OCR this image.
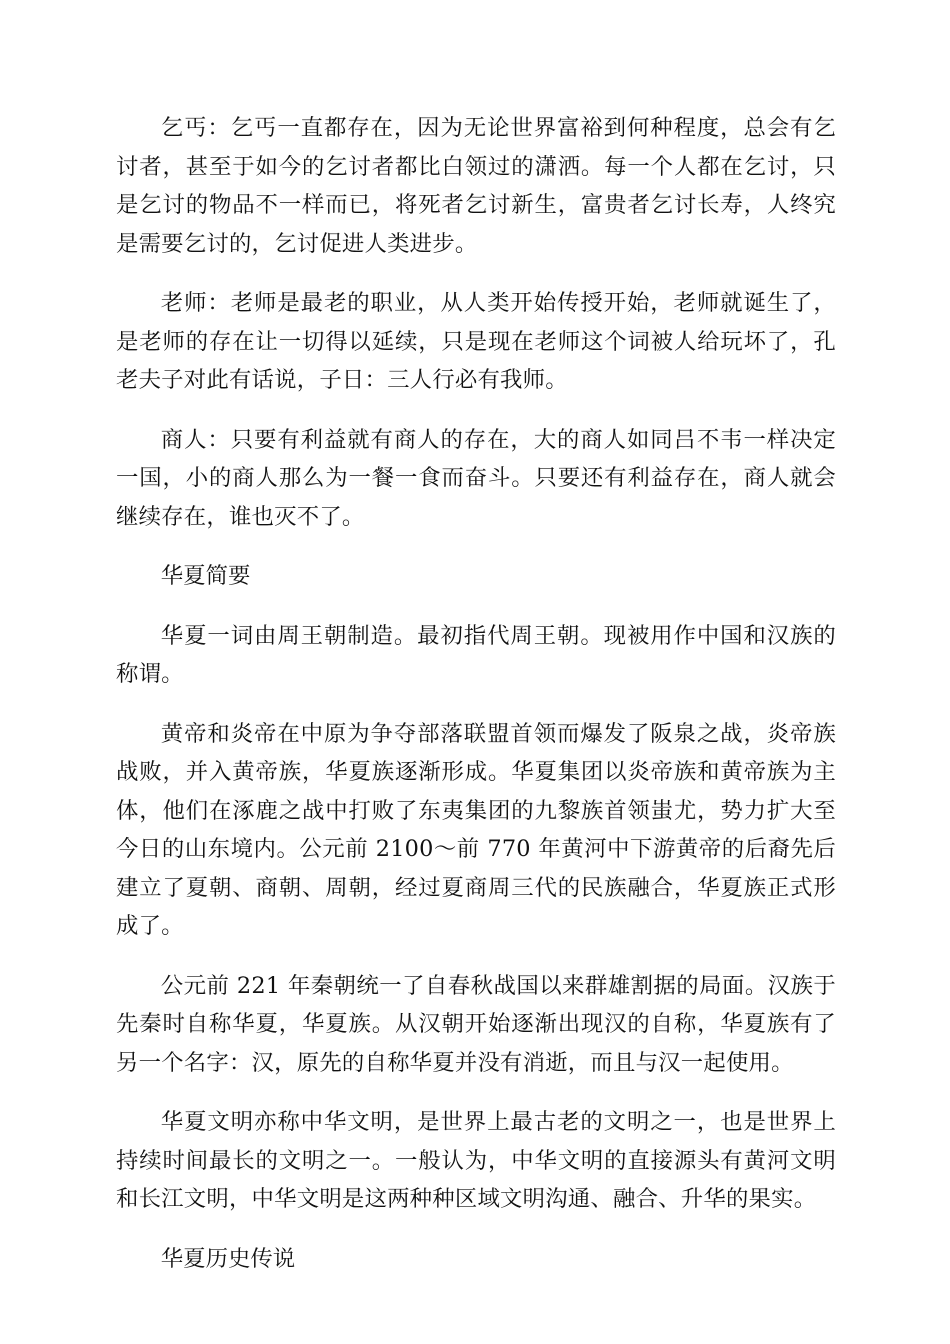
乞丐：乞丐一直都存在，因为无论世界富裕到何种程度，总会有乞讨者，甚至于如今的乞讨者都比白领过的潇洒。每一个人都在乞讨，只是乞讨的物品不一样而已，将死者乞讨新生，富贵者乞讨长寿，人终究是需要乞讨的，乞讨促进人类进步。

老师：老师是最老的职业，从人类开始传授开始，老师就诞生了，是老师的存在让一切得以延续，只是现在老师这个词被人给玩坏了，孔老夫子对此有话说，子日：三人行必有我师。

商人：只要有利益就有商人的存在，大的商人如同吕不韦一样决定一国，小的商人那么为一餐一食而奋斗。只要还有利益存在，商人就会继续存在，谁也灭不了。

华夏简要

华夏一词由周王朝制造。最初指代周王朝。现被用作中国和汉族的称谓。

黄帝和炎帝在中原为争夺部落联盟首领而爆发了阪泉之战，炎帝族战败，并入黄帝族，华夏族逐渐形成。华夏集团以炎帝族和黄帝族为主体，他们在涿鹿之战中打败了东夷集团的九黎族首领蚩尤，势力扩大至今日的山东境内。公元前 2100～前 770 年黄河中下游黄帝的后裔先后建立了夏朝、商朝、周朝，经过夏商周三代的民族融合，华夏族正式形成了。

公元前 221 年秦朝统一了自春秋战国以来群雄割据的局面。汉族于先秦时自称华夏，华夏族。从汉朝开始逐渐出现汉的自称，华夏族有了另一个名字：汉，原先的自称华夏并没有消逝，而且与汉一起使用。

华夏文明亦称中华文明，是世界上最古老的文明之一，也是世界上持续时间最长的文明之一。一般认为，中华文明的直接源头有黄河文明和长江文明，中华文明是这两种种区域文明沟通、融合、升华的果实。

华夏历史传说
